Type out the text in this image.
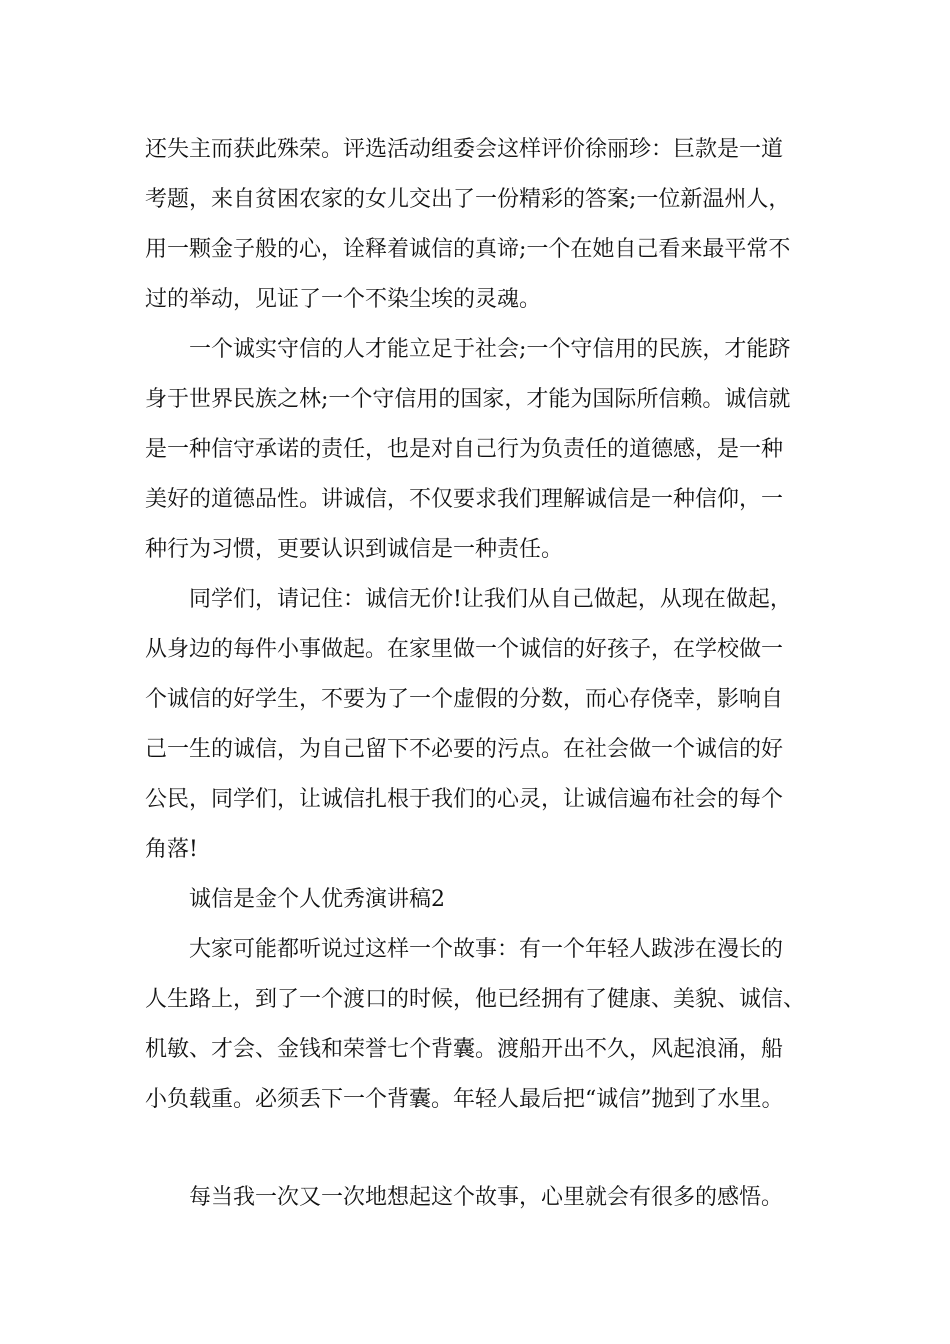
还失主而获此殊荣。评选活动组委会这样评价徐丽珍：巨款是一道
考题，来自贫困农家的女儿交出了一份精彩的答案;一位新温州人，
用一颗金子般的心，诠释着诚信的真谛;一个在她自己看来最平常不
过的举动，见证了一个不染尘埃的灵魂。
一个诚实守信的人才能立足于社会;一个守信用的民族，才能跻
身于世界民族之林;一个守信用的国家，才能为国际所信赖。诚信就
是一种信守承诺的责任，也是对自己行为负责任的道德感，是一种
美好的道德品性。讲诚信，不仅要求我们理解诚信是一种信仰，一
种行为习惯，更要认识到诚信是一种责任。
同学们，请记住：诚信无价!让我们从自己做起，从现在做起，
从身边的每件小事做起。在家里做一个诚信的好孩子，在学校做一
个诚信的好学生，不要为了一个虚假的分数，而心存侥幸，影响自
己一生的诚信，为自己留下不必要的污点。在社会做一个诚信的好
公民，同学们，让诚信扎根于我们的心灵，让诚信遍布社会的每个
角落!
诚信是金个人优秀演讲稿2
大家可能都听说过这样一个故事：有一个年轻人跋涉在漫长的
人生路上，到了一个渡口的时候，他已经拥有了健康、美貌、诚信、
机敏、才会、金钱和荣誉七个背囊。渡船开出不久，风起浪涌，船
小负载重。必须丢下一个背囊。年轻人最后把“诚信”抛到了水里。
每当我一次又一次地想起这个故事，心里就会有很多的感悟。
